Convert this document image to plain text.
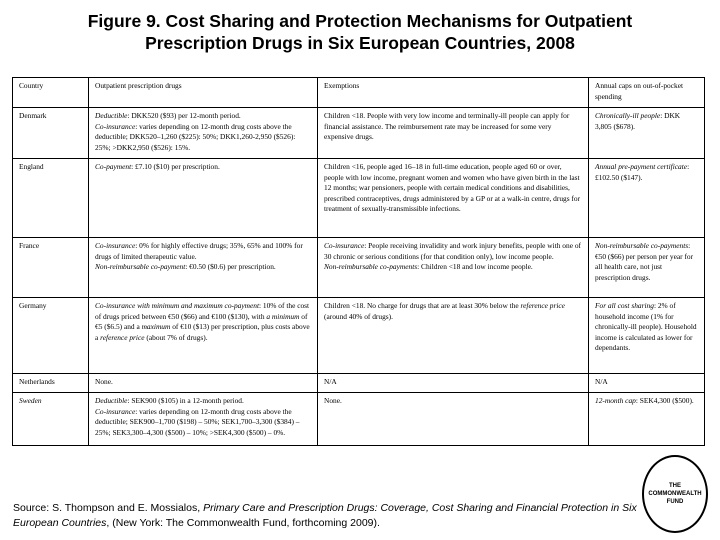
Figure 9. Cost Sharing and Protection Mechanisms for Outpatient
Prescription Drugs in Six European Countries, 2008
Country	Outpatient prescription drugs	Exemptions	Annual caps on out-of-pocket spending
Denmark	Deductible: DKK520 ($93) per 12-month period.
Co-insurance: varies depending on 12-month drug costs above the deductible; DKK520–1,260 ($225): 50%; DKK1,260-2,950 ($526): 25%; >DKK2,950 ($526): 15%.	Children <18. People with very low income and terminally-ill people can apply for financial assistance. The reimbursement rate may be increased for some very expensive drugs.	Chronically-ill people: DKK 3,805 ($678).

England	Co-payment: £7.10 ($10) per prescription.	Children <16, people aged 16–18 in full-time education, people aged 60 or over, people with low income, pregnant women and women who have given birth in the last 12 months; war pensioners, people with certain medical conditions and disabilities, prescribed contraceptives, drugs administered by a GP or at a walk-in centre, drugs for treatment of sexually-transmissible infections.	Annual pre-payment certificate: £102.50 ($147).

France	Co-insurance: 0% for highly effective drugs; 35%, 65% and 100% for drugs of limited therapeutic value.
Non-reimbursable co-payment: €0.50 ($0.6) per prescription.	Co-insurance: People receiving invalidity and work injury benefits, people with one of 30 chronic or serious conditions (for that condition only), low income people.
Non-reimbursable co-payments: Children <18 and low income people.	Non-reimbursable co-payments: €50 ($66) per person per year for all health care, not just prescription drugs.

Germany	Co-insurance with minimum and maximum co-payment: 10% of the cost of drugs priced between €50 ($66) and €100 ($130), with a minimum of €5 ($6.5) and a maximum of €10 ($13) per prescription, plus costs above a reference price (about 7% of drugs).	Children <18. No charge for drugs that are at least 30% below the reference price (around 40% of drugs).	For all cost sharing: 2% of household income (1% for chronically-ill people). Household income is calculated as lower for dependants.

Netherlands	None.	N/A	N/A

Sweden	Deductible: SEK900 ($105) in a 12-month period.
Co-insurance: varies depending on 12-month drug costs above the deductible; SEK900–1,700 ($198) – 50%; SEK1,700–3,300 ($384) – 25%; SEK3,300–4,300 ($500) – 10%; >SEK4,300 ($500) – 0%.	None.	12-month cap: SEK4,300 ($500).
Source: S. Thompson and E. Mossialos, Primary Care and Prescription Drugs: Coverage, Cost Sharing and Financial Protection in Six European Countries, (New York: The Commonwealth Fund, forthcoming 2009).
THE
COMMONWEALTH
FUND
